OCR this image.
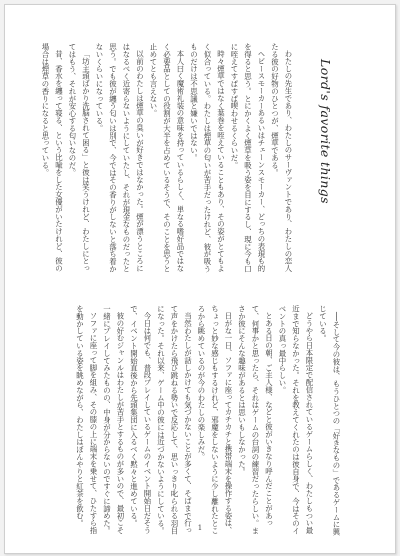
Lord's favorite things

わたしの先生であり、わたしのサーヴァントであり、わたしの恋人たる彼の好物のひとつが、煙草である。

ヘビースモーカーあるいはチェーンスモーカー、どっちの表現も的を得ると思う。とにかくよく煙草を吸う姿を目にするし、現に今も口に咥えてすぱすぱ喫わせるくらいだ。

時々煙草ではなく葉巻を咥えていることもあり、その姿がとてもよく似合っている。わたしは煙草の匂いが苦手だったけれど、彼が吸うものだけは不思議と嫌いではない。

本人曰く魔術礼装の意味を持っているらしく、単なる嗜好品ではなく必要品としての役割が大半を占めているそうで、そのことを思うと止めてとも言えない。

以前のわたしは煙草の臭いが好きではなかった。煙が漂うところにはなるべく近寄らないようにしていたし、それが現金なものだったと思う。でも彼が纏う匂いは別で、今ではその香りがしないと落ち着かないくらいになっている。

「坊主頭ばかり洗脳されて困る」と彼は笑うけれど、わたしにとってはもう、それが安心する匂いなのだ。

昔、香水を纏って寝る、という比喩をした女優がいたけれど、彼の場合は煙草の香りになると思っている。

──そして今の彼は、もうひとつの「好きなもの」であるゲームに興じている。

どうやら日本限定で配信されているゲームらしく、わたしもつい最近まで知らなかった。それを教えてくれたのは彼自身で、今はそのイベントの真っ最中らしい。

とある日の朝、ご主人様、などと彼がいきなり呼んだことがあって、何事かと思ったら、それはゲームの台詞の練習だったらしい。まさか彼にそんな趣味があるとは思いもしなかった。

日がな一日、ソファに座ってカチカチと携帯端末を操作する姿は、ちょっと妙な感じもするけれど、邪魔をしないように少し離れたところから眺めているのが今のわたしの楽しみだ。

当然わたしが話しかけても気づかないことが多くて、そばまで行って声をかけたら飛び跳ねる勢いで反応して、思いっきり叱られる羽目になった。それ以来、ゲーム中の彼には近づかないようにしている。

今日は何でも、普段プレイしているゲームのイベント開始日だそうで、イベント開始直後から先頭集団に入るべく黙々と進めている。

彼の好むジャンルはわたしが苦手とするものが多いので、最初こそ一緒にプレイしてみたものの、中身が分からないのですぐに諦めた。

ソファに座って脚を組み、その膝の上に端末を乗せて、ひたすら指を動かしている姿を眺めながら、わたしはぼんやりと紅茶を飲む。

1
